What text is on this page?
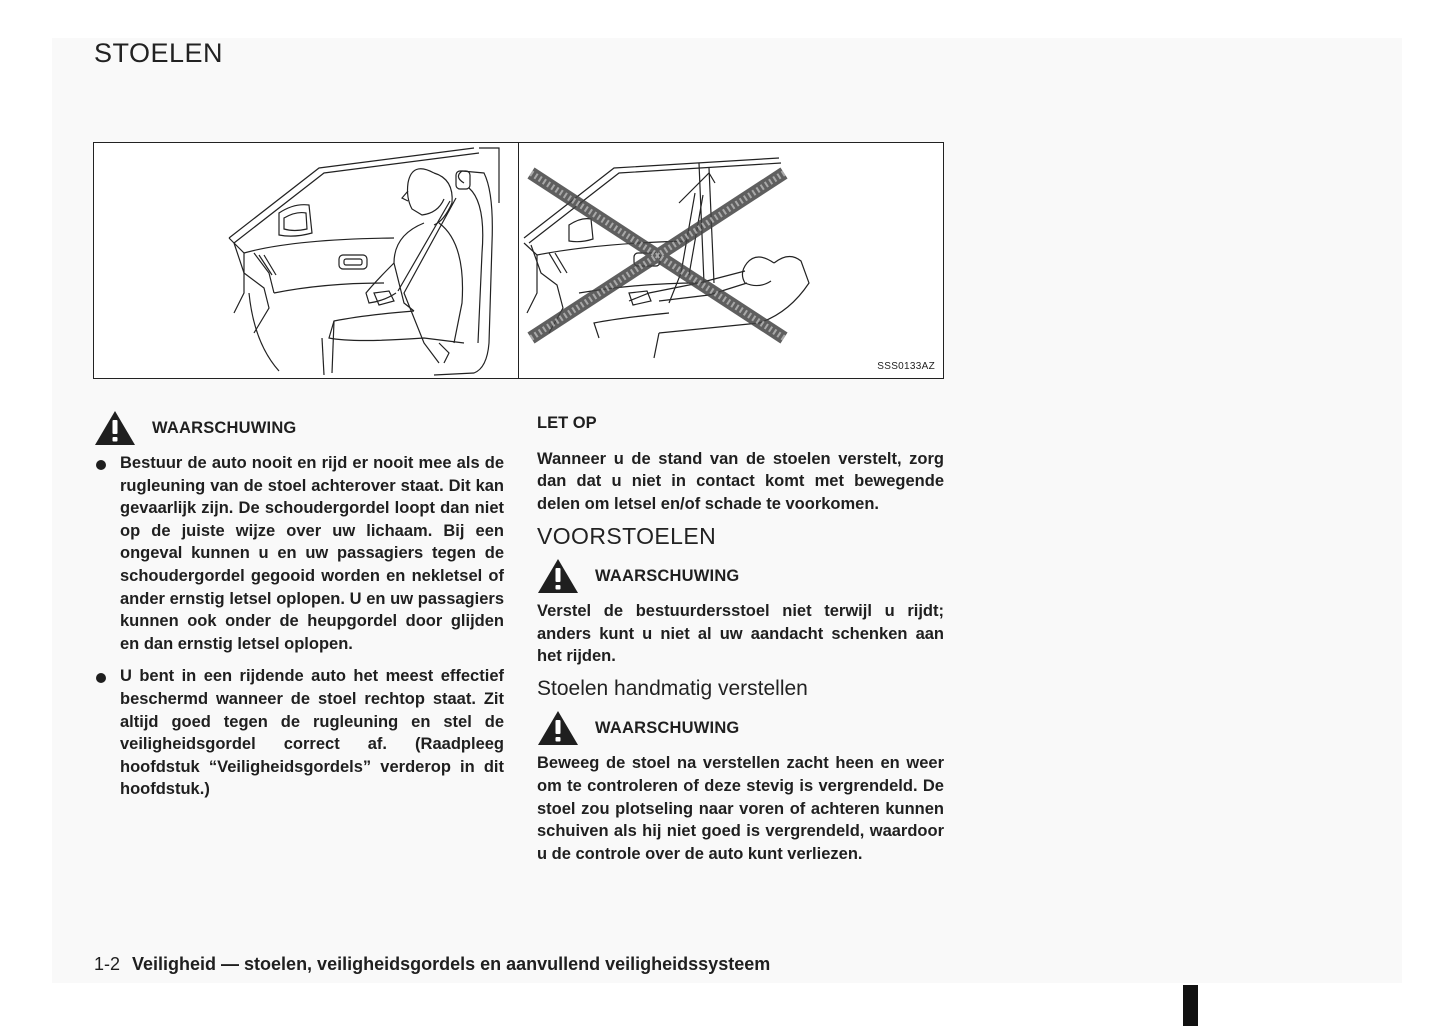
STOELEN
SSS0133AZ
WAARSCHUWING
Bestuur de auto nooit en rijd er nooit mee als de rugleuning van de stoel achterover staat. Dit kan gevaarlijk zijn. De schoudergordel loopt dan niet op de juiste wijze over uw lichaam. Bij een ongeval kunnen u en uw passagiers tegen de schoudergordel gegooid worden en nekletsel of ander ernstig letsel oplopen. U en uw passagiers kunnen ook onder de heupgordel door glijden en dan ernstig letsel oplopen.
U bent in een rijdende auto het meest effectief beschermd wanneer de stoel rechtop staat. Zit altijd goed tegen de rugleuning en stel de veiligheidsgordel correct af. (Raadpleeg hoofdstuk “Veiligheidsgordels” verderop in dit hoofdstuk.)
LET OP

Wanneer u de stand van de stoelen verstelt, zorg dan dat u niet in contact komt met bewegende delen om letsel en/of schade te voorkomen.

VOORSTOELEN
WAARSCHUWING

Verstel de bestuurdersstoel niet terwijl u rijdt; anders kunt u niet al uw aandacht schenken aan het rijden.

Stoelen handmatig verstellen
WAARSCHUWING

Beweeg de stoel na verstellen zacht heen en weer om te controleren of deze stevig is vergrendeld. De stoel zou plotseling naar voren of achteren kunnen schuiven als hij niet goed is vergrendeld, waardoor u de controle over de auto kunt verliezen.

1-2 Veiligheid — stoelen, veiligheidsgordels en aanvullend veiligheidssysteem
